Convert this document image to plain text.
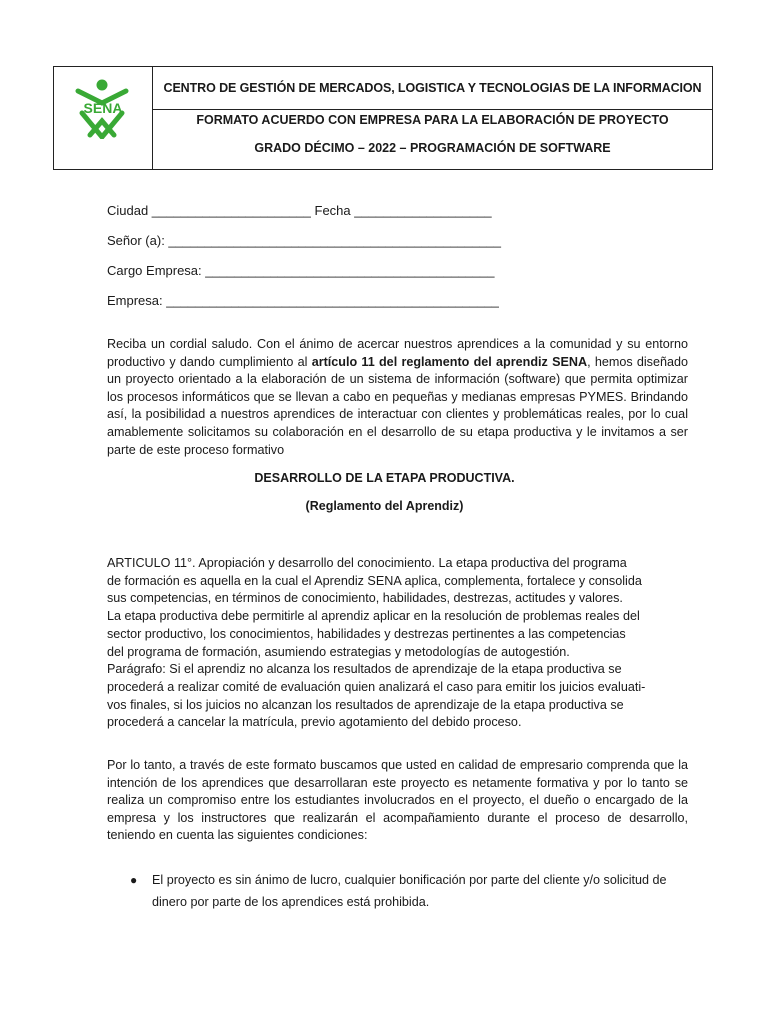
SENA
CENTRO DE GESTIÓN DE MERCADOS, LOGISTICA Y TECNOLOGIAS DE LA INFORMACION
FORMATO ACUERDO CON EMPRESA PARA LA ELABORACIÓN DE PROYECTO
GRADO DÉCIMO – 2022 – PROGRAMACIÓN DE SOFTWARE
Ciudad ______________________ Fecha ___________________
Señor (a): ______________________________________________
Cargo Empresa: ________________________________________
Empresa: ______________________________________________

Reciba un cordial saludo. Con el ánimo de acercar nuestros aprendices a la comunidad y su entorno productivo y dando cumplimiento al artículo 11 del reglamento del aprendiz SENA, hemos diseñado un proyecto orientado a la elaboración de un sistema de información (software) que permita optimizar los procesos informáticos que se llevan a cabo en pequeñas y medianas empresas PYMES. Brindando así, la posibilidad a nuestros aprendices de interactuar con clientes y problemáticas reales, por lo cual amablemente solicitamos su colaboración en el desarrollo de su etapa productiva y le invitamos a ser parte de este proceso formativo

DESARROLLO DE LA ETAPA PRODUCTIVA.
(Reglamento del Aprendiz)
ARTICULO 11°. Apropiación y desarrollo del conocimiento. La etapa productiva del programa
de formación es aquella en la cual el Aprendiz SENA aplica, complementa, fortalece y consolida
sus competencias, en términos de conocimiento, habilidades, destrezas, actitudes y valores.
La etapa productiva debe permitirle al aprendiz aplicar en la resolución de problemas reales del
sector productivo, los conocimientos, habilidades y destrezas pertinentes a las competencias
del programa de formación, asumiendo estrategias y metodologías de autogestión.
Parágrafo: Si el aprendiz no alcanza los resultados de aprendizaje de la etapa productiva se
procederá a realizar comité de evaluación quien analizará el caso para emitir los juicios evaluati-
vos finales, si los juicios no alcanzan los resultados de aprendizaje de la etapa productiva se
procederá a cancelar la matrícula, previo agotamiento del debido proceso.

Por lo tanto, a través de este formato buscamos que usted en calidad de empresario comprenda que la intención de los aprendices que desarrollaran este proyecto es netamente formativa y por lo tanto se realiza un compromiso entre los estudiantes involucrados en el proyecto, el dueño o encargado de la empresa y los instructores que realizarán el acompañamiento durante el proceso de desarrollo, teniendo en cuenta las siguientes condiciones:

● El proyecto es sin ánimo de lucro, cualquier bonificación por parte del cliente y/o solicitud de dinero por parte de los aprendices está prohibida.
